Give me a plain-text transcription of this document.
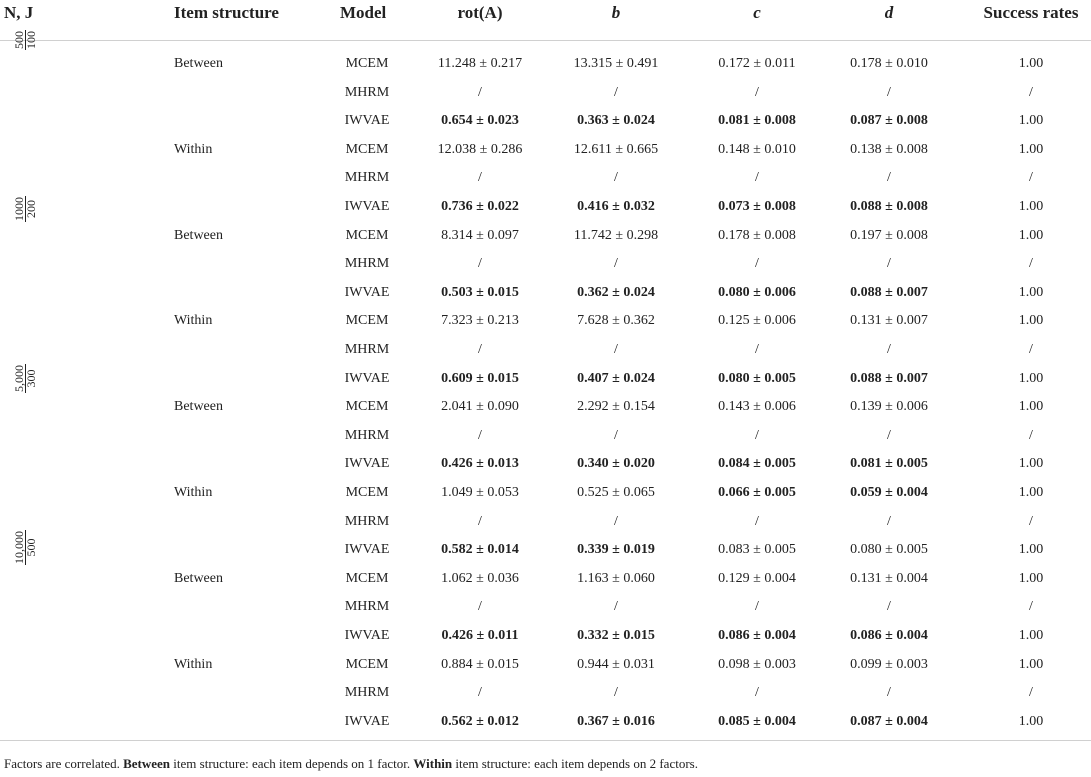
N, J	Item structure	Model	rot(A)	b	c	d	Success rates
500
100
Between	MCEM	11.248 ± 0.217	13.315 ± 0.491	0.172 ± 0.011	0.178 ± 0.010	1.00
MHRM	/	/	/	/	/
IWVAE	0.654 ± 0.023	0.363 ± 0.024	0.081 ± 0.008	0.087 ± 0.008	1.00
Within	MCEM	12.038 ± 0.286	12.611 ± 0.665	0.148 ± 0.010	0.138 ± 0.008	1.00
MHRM	/	/	/	/	/
IWVAE	0.736 ± 0.022	0.416 ± 0.032	0.073 ± 0.008	0.088 ± 0.008	1.00
1000
200
Between	MCEM	8.314 ± 0.097	11.742 ± 0.298	0.178 ± 0.008	0.197 ± 0.008	1.00
MHRM	/	/	/	/	/
IWVAE	0.503 ± 0.015	0.362 ± 0.024	0.080 ± 0.006	0.088 ± 0.007	1.00
Within	MCEM	7.323 ± 0.213	7.628 ± 0.362	0.125 ± 0.006	0.131 ± 0.007	1.00
MHRM	/	/	/	/	/
IWVAE	0.609 ± 0.015	0.407 ± 0.024	0.080 ± 0.005	0.088 ± 0.007	1.00
5,000
300
Between	MCEM	2.041 ± 0.090	2.292 ± 0.154	0.143 ± 0.006	0.139 ± 0.006	1.00
MHRM	/	/	/	/	/
IWVAE	0.426 ± 0.013	0.340 ± 0.020	0.084 ± 0.005	0.081 ± 0.005	1.00
Within	MCEM	1.049 ± 0.053	0.525 ± 0.065	0.066 ± 0.005	0.059 ± 0.004	1.00
MHRM	/	/	/	/	/
IWVAE	0.582 ± 0.014	0.339 ± 0.019	0.083 ± 0.005	0.080 ± 0.005	1.00
10,000
500
Between	MCEM	1.062 ± 0.036	1.163 ± 0.060	0.129 ± 0.004	0.131 ± 0.004	1.00
MHRM	/	/	/	/	/
IWVAE	0.426 ± 0.011	0.332 ± 0.015	0.086 ± 0.004	0.086 ± 0.004	1.00
Within	MCEM	0.884 ± 0.015	0.944 ± 0.031	0.098 ± 0.003	0.099 ± 0.003	1.00
MHRM	/	/	/	/	/
IWVAE	0.562 ± 0.012	0.367 ± 0.016	0.085 ± 0.004	0.087 ± 0.004	1.00
Factors are correlated. Between item structure: each item depends on 1 factor. Within item structure: each item depends on 2 factors.
